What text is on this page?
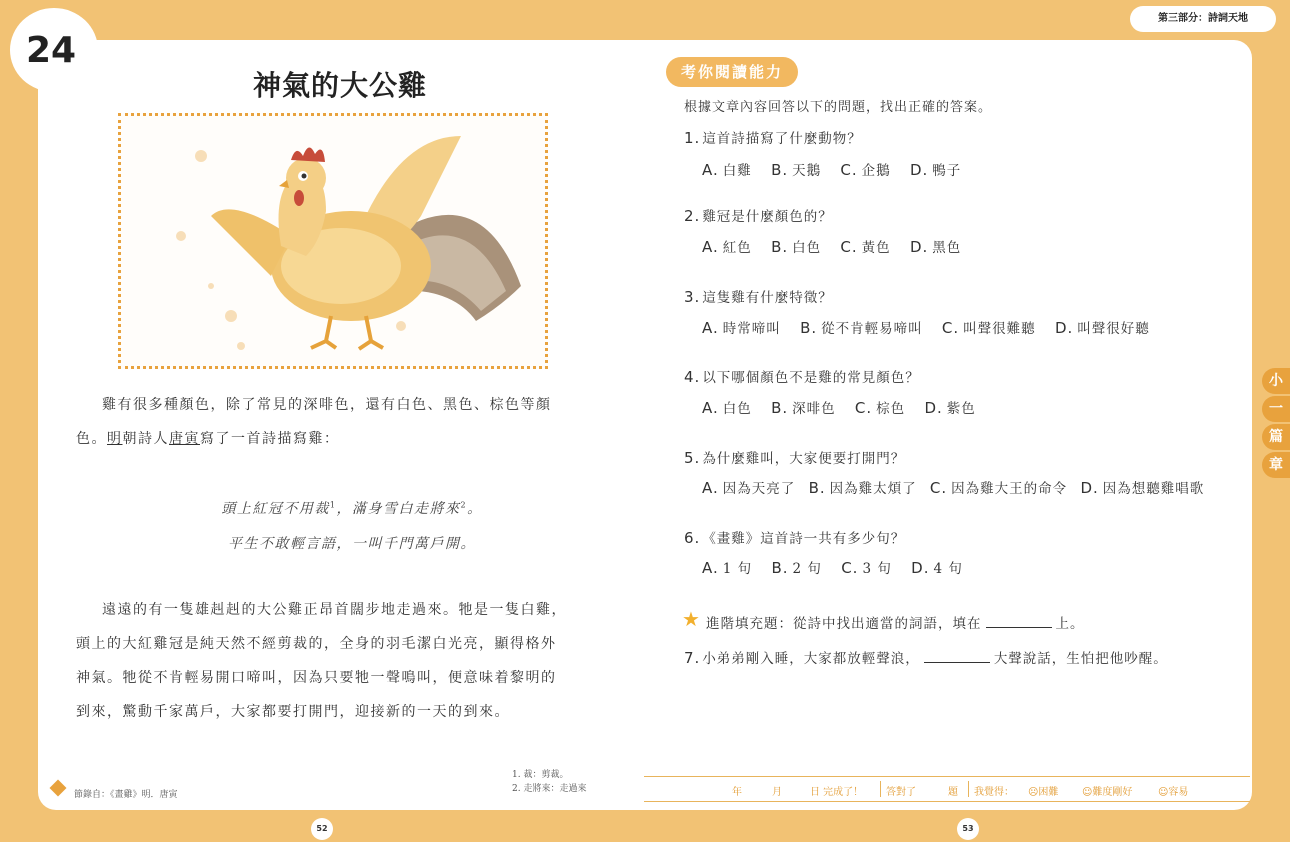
第三部分：詩詞天地
24
神氣的大公雞
雞有很多種顏色，除了常見的深啡色，還有白色、黑色、棕色等顏
色。明朝詩人唐寅寫了一首詩描寫雞：
頭上紅冠不用裁$^1$，滿身雪白走將來$^2$。
平生不敢輕言語，一叫千門萬戶開。
遠遠的有一隻雄赳赳的大公雞正昂首闊步地走過來。牠是一隻白雞，
頭上的大紅雞冠是純天然不經剪裁的，全身的羽毛潔白光亮，顯得格外
神氣。牠從不肯輕易開口啼叫，因為只要牠一聲鳴叫，便意味着黎明的
到來，驚動千家萬戶，大家都要打開門，迎接新的一天的到來。
節錄自：《畫雞》明．唐寅
1. 裁：剪裁。
2. 走將來：走過來
考你閱讀能力
根據文章內容回答以下的問題，找出正確的答案。
1. 這首詩描寫了什麼動物？
A. 白雞 B. 天鵝 C. 企鵝 D. 鴨子
2. 雞冠是什麼顏色的？
A. 紅色 B. 白色 C. 黃色 D. 黑色
3. 這隻雞有什麼特徵？
A. 時常啼叫 B. 從不肯輕易啼叫 C. 叫聲很難聽 D. 叫聲很好聽
4. 以下哪個顏色不是雞的常見顏色？
A. 白色 B. 深啡色 C. 棕色 D. 紫色
5. 為什麼雞叫，大家便要打開門？
A. 因為天亮了 B. 因為雞太煩了 C. 因為雞大王的命令 D. 因為想聽雞唱歌
6. 《畫雞》這首詩一共有多少句？
A. 1 句 B. 2 句 C. 3 句 D. 4 句
★ 進階填充題：從詩中找出適當的詞語，填在	上。
7. 小弟弟剛入睡，大家都放輕聲浪，	大聲說話，生怕把他吵醒。
年	月	日 完成了！ 答對了	題 我覺得： ☹困難 ☺難度剛好	☺容易
小
一
篇
章
52	53
